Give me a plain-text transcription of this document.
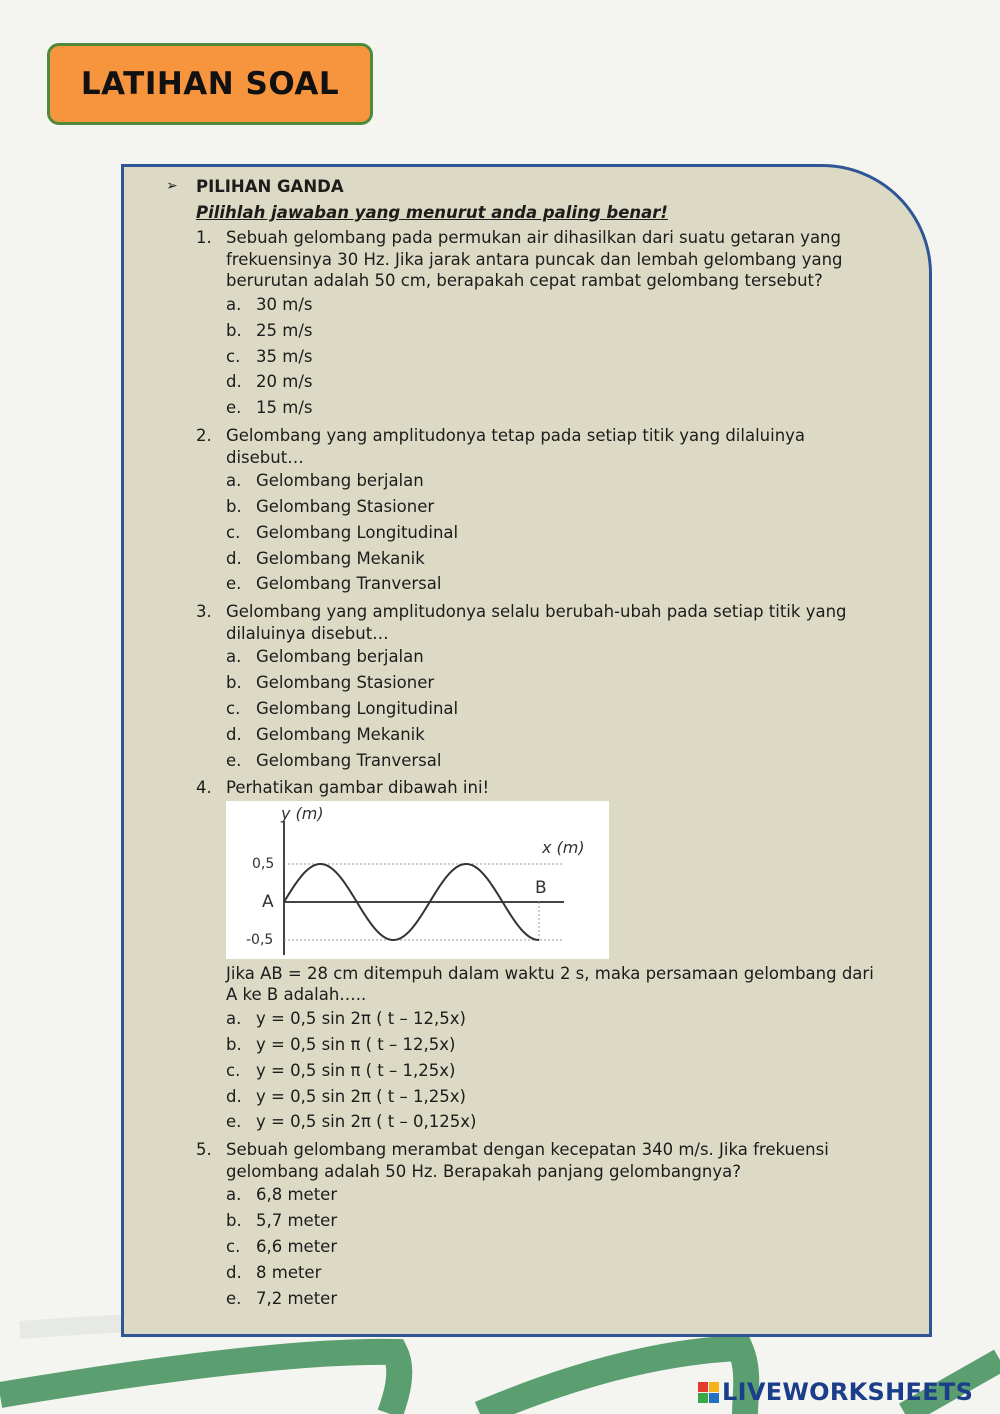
LATIHAN SOAL
➢	PILIHAN GANDA
Pilihlah jawaban yang menurut anda paling benar!
1. Sebuah gelombang pada permukan air dihasilkan dari suatu getaran yang frekuensinya 30 Hz. Jika jarak antara puncak dan lembah gelombang yang berurutan adalah 50 cm, berapakah cepat rambat gelombang tersebut?
a. 30 m/s
b. 25 m/s
c. 35 m/s
d. 20 m/s
e. 15 m/s
2. Gelombang yang amplitudonya tetap pada setiap titik yang dilaluinya disebut…
a. Gelombang berjalan
b. Gelombang Stasioner
c. Gelombang Longitudinal
d. Gelombang Mekanik
e. Gelombang Tranversal
3. Gelombang yang amplitudonya selalu berubah-ubah pada setiap titik yang dilaluinya disebut…
a. Gelombang berjalan
b. Gelombang Stasioner
c. Gelombang Longitudinal
d. Gelombang Mekanik
e. Gelombang Tranversal
4. Perhatikan gambar dibawah ini!
y (m)
x (m)
0,5
-0,5
A
B
Jika AB = 28 cm ditempuh dalam waktu 2 s, maka persamaan gelombang dari A ke B adalah…..
a. y = 0,5 sin 2π ( t – 12,5x)
b. y = 0,5 sin π ( t – 12,5x)
c. y = 0,5 sin π ( t – 1,25x)
d. y = 0,5 sin 2π ( t – 1,25x)
e. y = 0,5 sin 2π ( t – 0,125x)
5. Sebuah gelombang merambat dengan kecepatan 340 m/s. Jika frekuensi gelombang adalah 50 Hz. Berapakah panjang gelombangnya?
a. 6,8 meter
b. 5,7 meter
c. 6,6 meter
d. 8 meter
e. 7,2 meter
LIVEWORKSHEETS
